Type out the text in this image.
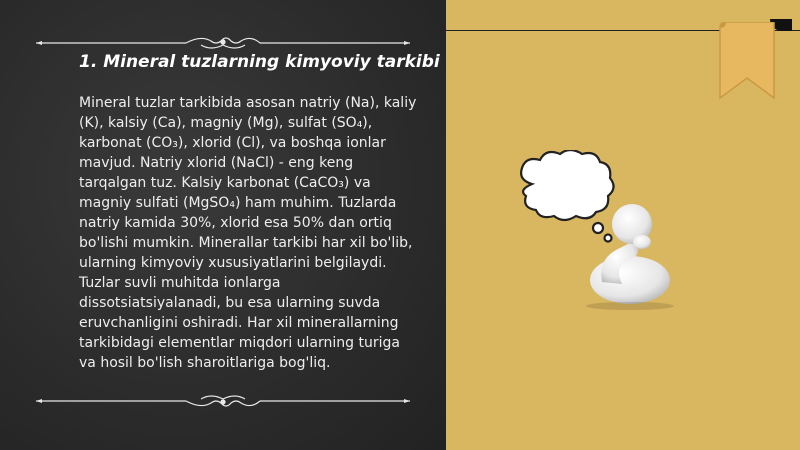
1. Mineral tuzlarning kimyoviy tarkibi
Mineral tuzlar tarkibida asosan natriy (Na), kaliy (K), kalsiy (Ca), magniy (Mg), sulfat (SO₄), karbonat (CO₃), xlorid (Cl), va boshqa ionlar mavjud. Natriy xlorid (NaCl) - eng keng tarqalgan tuz. Kalsiy karbonat (CaCO₃) va magniy sulfati (MgSO₄) ham muhim. Tuzlarda natriy kamida 30%, xlorid esa 50% dan ortiq bo'lishi mumkin. Minerallar tarkibi har xil bo'lib, ularning kimyoviy xususiyatlarini belgilaydi. Tuzlar suvli muhitda ionlarga dissotsiatsiyalanadi, bu esa ularning suvda eruvchanligini oshiradi. Har xil minerallarning tarkibidagi elementlar miqdori ularning turiga va hosil bo'lish sharoitlariga bog'liq.
